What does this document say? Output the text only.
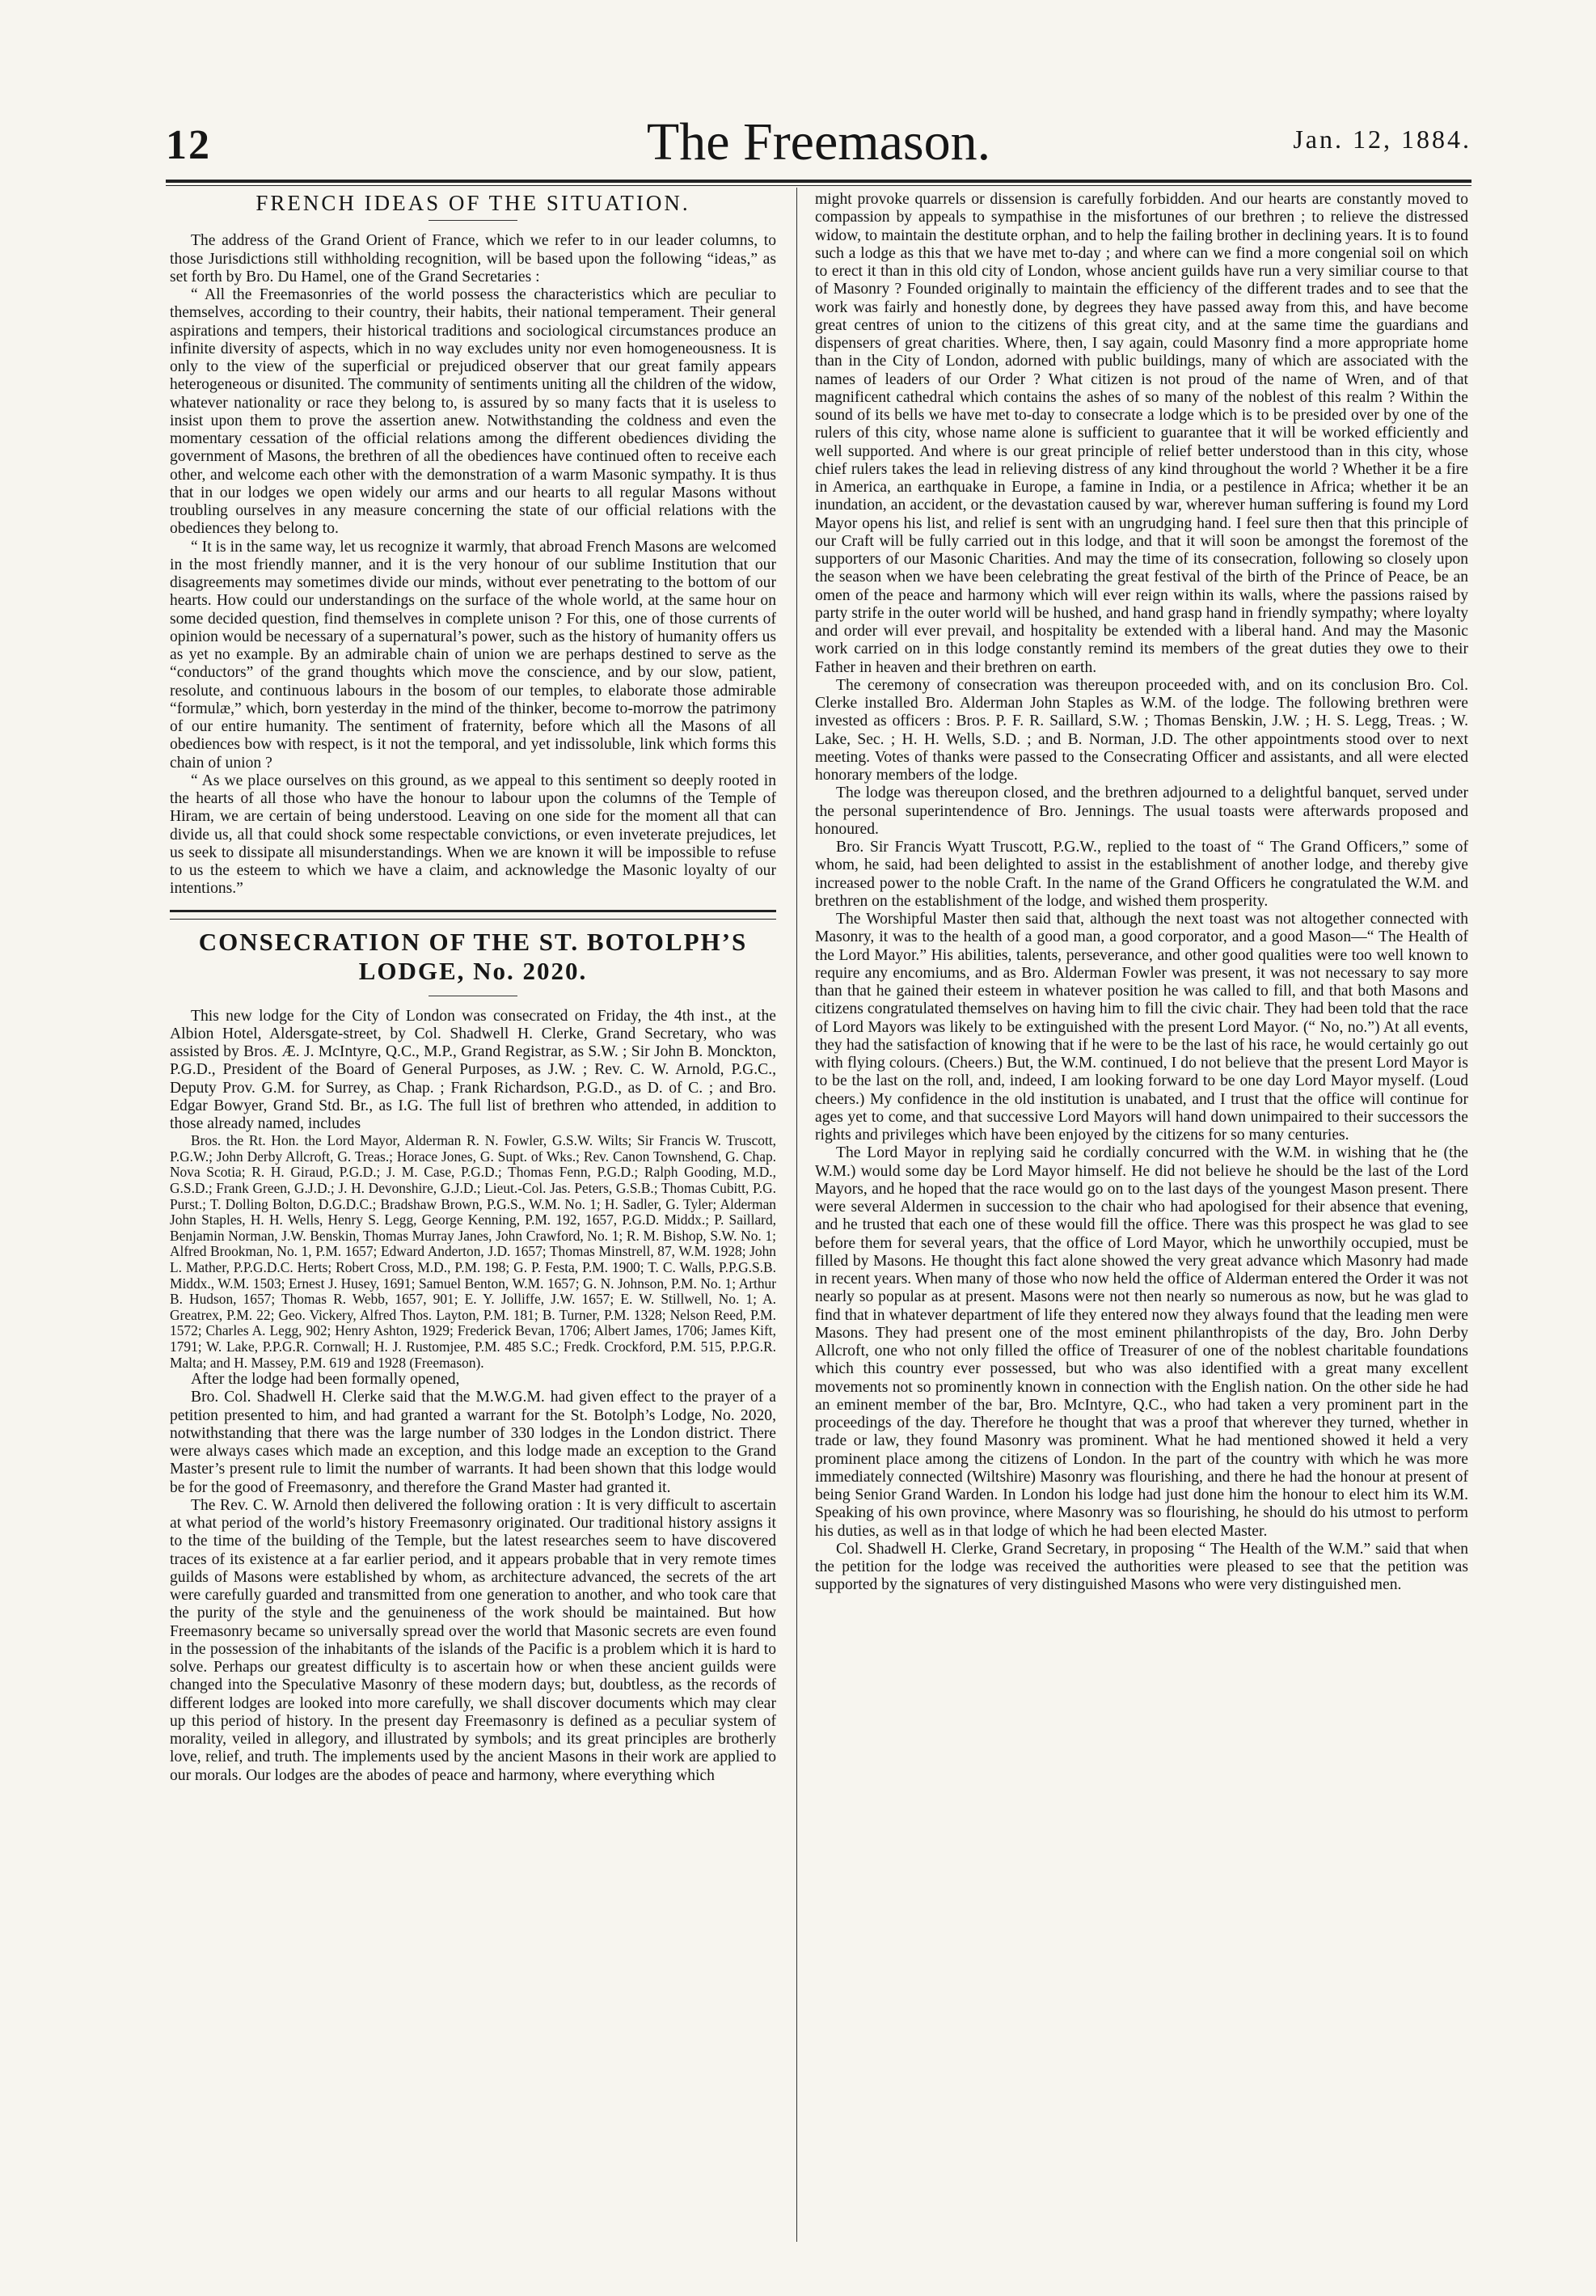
12	The Freemason.	Jan. 12, 1884.
FRENCH IDEAS OF THE SITUATION.

The address of the Grand Orient of France, which we refer to in our leader columns, to those Jurisdictions still withholding recognition, will be based upon the following “ideas,” as set forth by Bro. Du Hamel, one of the Grand Secretaries :

“ All the Freemasonries of the world possess the characteristics which are peculiar to themselves, according to their country, their habits, their national temperament. Their general aspirations and tempers, their historical traditions and sociological circumstances produce an infinite diversity of aspects, which in no way excludes unity nor even homogeneousness. It is only to the view of the superficial or prejudiced observer that our great family appears heterogeneous or disunited. The community of sentiments uniting all the children of the widow, whatever nationality or race they belong to, is assured by so many facts that it is useless to insist upon them to prove the assertion anew. Notwithstanding the coldness and even the momentary cessation of the official relations among the different obediences dividing the government of Masons, the brethren of all the obediences have continued often to receive each other, and welcome each other with the demonstration of a warm Masonic sympathy. It is thus that in our lodges we open widely our arms and our hearts to all regular Masons without troubling ourselves in any measure concerning the state of our official relations with the obediences they belong to.

“ It is in the same way, let us recognize it warmly, that abroad French Masons are welcomed in the most friendly manner, and it is the very honour of our sublime Institution that our disagreements may sometimes divide our minds, without ever penetrating to the bottom of our hearts. How could our understandings on the surface of the whole world, at the same hour on some decided question, find themselves in complete unison ? For this, one of those currents of opinion would be necessary of a supernatural’s power, such as the history of humanity offers us as yet no example. By an admirable chain of union we are perhaps destined to serve as the “conductors” of the grand thoughts which move the conscience, and by our slow, patient, resolute, and continuous labours in the bosom of our temples, to elaborate those admirable “formulæ,” which, born yesterday in the mind of the thinker, become to-morrow the patrimony of our entire humanity. The sentiment of fraternity, before which all the Masons of all obediences bow with respect, is it not the temporal, and yet indissoluble, link which forms this chain of union ?

“ As we place ourselves on this ground, as we appeal to this sentiment so deeply rooted in the hearts of all those who have the honour to labour upon the columns of the Temple of Hiram, we are certain of being understood. Leaving on one side for the moment all that can divide us, all that could shock some respectable convictions, or even inveterate prejudices, let us seek to dissipate all misunderstandings. When we are known it will be impossible to refuse to us the esteem to which we have a claim, and acknowledge the Masonic loyalty of our intentions.”

CONSECRATION OF THE ST. BOTOLPH’S LODGE, No. 2020.

This new lodge for the City of London was consecrated on Friday, the 4th inst., at the Albion Hotel, Aldersgate-street, by Col. Shadwell H. Clerke, Grand Secretary, who was assisted by Bros. Æ. J. McIntyre, Q.C., M.P., Grand Registrar, as S.W. ; Sir John B. Monckton, P.G.D., President of the Board of General Purposes, as J.W. ; Rev. C. W. Arnold, P.G.C., Deputy Prov. G.M. for Surrey, as Chap. ; Frank Richardson, P.G.D., as D. of C. ; and Bro. Edgar Bowyer, Grand Std. Br., as I.G. The full list of brethren who attended, in addition to those already named, includes

Bros. the Rt. Hon. the Lord Mayor, Alderman R. N. Fowler, G.S.W. Wilts; Sir Francis W. Truscott, P.G.W.; John Derby Allcroft, G. Treas.; Horace Jones, G. Supt. of Wks.; Rev. Canon Townshend, G. Chap. Nova Scotia; R. H. Giraud, P.G.D.; J. M. Case, P.G.D.; Thomas Fenn, P.G.D.; Ralph Gooding, M.D., G.S.D.; Frank Green, G.J.D.; J. H. Devonshire, G.J.D.; Lieut.-Col. Jas. Peters, G.S.B.; Thomas Cubitt, P.G. Purst.; T. Dolling Bolton, D.G.D.C.; Bradshaw Brown, P.G.S., W.M. No. 1; H. Sadler, G. Tyler; Alderman John Staples, H. H. Wells, Henry S. Legg, George Kenning, P.M. 192, 1657, P.G.D. Middx.; P. Saillard, Benjamin Norman, J.W. Benskin, Thomas Murray Janes, John Crawford, No. 1; R. M. Bishop, S.W. No. 1; Alfred Brookman, No. 1, P.M. 1657; Edward Anderton, J.D. 1657; Thomas Minstrell, 87, W.M. 1928; John L. Mather, P.P.G.D.C. Herts; Robert Cross, M.D., P.M. 198; G. P. Festa, P.M. 1900; T. C. Walls, P.P.G.S.B. Middx., W.M. 1503; Ernest J. Husey, 1691; Samuel Benton, W.M. 1657; G. N. Johnson, P.M. No. 1; Arthur B. Hudson, 1657; Thomas R. Webb, 1657, 901; E. Y. Jolliffe, J.W. 1657; E. W. Stillwell, No. 1; A. Greatrex, P.M. 22; Geo. Vickery, Alfred Thos. Layton, P.M. 181; B. Turner, P.M. 1328; Nelson Reed, P.M. 1572; Charles A. Legg, 902; Henry Ashton, 1929; Frederick Bevan, 1706; Albert James, 1706; James Kift, 1791; W. Lake, P.P.G.R. Cornwall; H. J. Rustomjee, P.M. 485 S.C.; Fredk. Crockford, P.M. 515, P.P.G.R. Malta; and H. Massey, P.M. 619 and 1928 (Freemason).

After the lodge had been formally opened,

Bro. Col. Shadwell H. Clerke said that the M.W.G.M. had given effect to the prayer of a petition presented to him, and had granted a warrant for the St. Botolph’s Lodge, No. 2020, notwithstanding that there was the large number of 330 lodges in the London district. There were always cases which made an exception, and this lodge made an exception to the Grand Master’s present rule to limit the number of warrants. It had been shown that this lodge would be for the good of Freemasonry, and therefore the Grand Master had granted it.

The Rev. C. W. Arnold then delivered the following oration : It is very difficult to ascertain at what period of the world’s history Freemasonry originated. Our traditional history assigns it to the time of the building of the Temple, but the latest researches seem to have discovered traces of its existence at a far earlier period, and it appears probable that in very remote times guilds of Masons were established by whom, as architecture advanced, the secrets of the art were carefully guarded and transmitted from one generation to another, and who took care that the purity of the style and the genuineness of the work should be maintained. But how Freemasonry became so universally spread over the world that Masonic secrets are even found in the possession of the inhabitants of the islands of the Pacific is a problem which it is hard to solve. Perhaps our greatest difficulty is to ascertain how or when these ancient guilds were changed into the Speculative Masonry of these modern days; but, doubtless, as the records of different lodges are looked into more carefully, we shall discover documents which may clear up this period of history. In the present day Freemasonry is defined as a peculiar system of morality, veiled in allegory, and illustrated by symbols; and its great principles are brotherly love, relief, and truth. The implements used by the ancient Masons in their work are applied to our morals. Our lodges are the abodes of peace and harmony, where everything which

might provoke quarrels or dissension is carefully forbidden. And our hearts are constantly moved to compassion by appeals to sympathise in the misfortunes of our brethren ; to relieve the distressed widow, to maintain the destitute orphan, and to help the failing brother in declining years. It is to found such a lodge as this that we have met to-day ; and where can we find a more congenial soil on which to erect it than in this old city of London, whose ancient guilds have run a very similiar course to that of Masonry ? Founded originally to maintain the efficiency of the different trades and to see that the work was fairly and honestly done, by degrees they have passed away from this, and have become great centres of union to the citizens of this great city, and at the same time the guardians and dispensers of great charities. Where, then, I say again, could Masonry find a more appropriate home than in the City of London, adorned with public buildings, many of which are associated with the names of leaders of our Order ? What citizen is not proud of the name of Wren, and of that magnificent cathedral which contains the ashes of so many of the noblest of this realm ? Within the sound of its bells we have met to-day to consecrate a lodge which is to be presided over by one of the rulers of this city, whose name alone is sufficient to guarantee that it will be worked efficiently and well supported. And where is our great principle of relief better understood than in this city, whose chief rulers takes the lead in relieving distress of any kind throughout the world ? Whether it be a fire in America, an earthquake in Europe, a famine in India, or a pestilence in Africa; whether it be an inundation, an accident, or the devastation caused by war, wherever human suffering is found my Lord Mayor opens his list, and relief is sent with an ungrudging hand. I feel sure then that this principle of our Craft will be fully carried out in this lodge, and that it will soon be amongst the foremost of the supporters of our Masonic Charities. And may the time of its consecration, following so closely upon the season when we have been celebrating the great festival of the birth of the Prince of Peace, be an omen of the peace and harmony which will ever reign within its walls, where the passions raised by party strife in the outer world will be hushed, and hand grasp hand in friendly sympathy; where loyalty and order will ever prevail, and hospitality be extended with a liberal hand. And may the Masonic work carried on in this lodge constantly remind its members of the great duties they owe to their Father in heaven and their brethren on earth.

The ceremony of consecration was thereupon proceeded with, and on its conclusion Bro. Col. Clerke installed Bro. Alderman John Staples as W.M. of the lodge. The following brethren were invested as officers : Bros. P. F. R. Saillard, S.W. ; Thomas Benskin, J.W. ; H. S. Legg, Treas. ; W. Lake, Sec. ; H. H. Wells, S.D. ; and B. Norman, J.D. The other appointments stood over to next meeting. Votes of thanks were passed to the Consecrating Officer and assistants, and all were elected honorary members of the lodge.

The lodge was thereupon closed, and the brethren adjourned to a delightful banquet, served under the personal superintendence of Bro. Jennings. The usual toasts were afterwards proposed and honoured.

Bro. Sir Francis Wyatt Truscott, P.G.W., replied to the toast of “ The Grand Officers,” some of whom, he said, had been delighted to assist in the establishment of another lodge, and thereby give increased power to the noble Craft. In the name of the Grand Officers he congratulated the W.M. and brethren on the establishment of the lodge, and wished them prosperity.

The Worshipful Master then said that, although the next toast was not altogether connected with Masonry, it was to the health of a good man, a good corporator, and a good Mason—“ The Health of the Lord Mayor.” His abilities, talents, perseverance, and other good qualities were too well known to require any encomiums, and as Bro. Alderman Fowler was present, it was not necessary to say more than that he gained their esteem in whatever position he was called to fill, and that both Masons and citizens congratulated themselves on having him to fill the civic chair. They had been told that the race of Lord Mayors was likely to be extinguished with the present Lord Mayor. (“ No, no.”) At all events, they had the satisfaction of knowing that if he were to be the last of his race, he would certainly go out with flying colours. (Cheers.) But, the W.M. continued, I do not believe that the present Lord Mayor is to be the last on the roll, and, indeed, I am looking forward to be one day Lord Mayor myself. (Loud cheers.) My confidence in the old institution is unabated, and I trust that the office will continue for ages yet to come, and that successive Lord Mayors will hand down unimpaired to their successors the rights and privileges which have been enjoyed by the citizens for so many centuries.

The Lord Mayor in replying said he cordially concurred with the W.M. in wishing that he (the W.M.) would some day be Lord Mayor himself. He did not believe he should be the last of the Lord Mayors, and he hoped that the race would go on to the last days of the youngest Mason present. There were several Aldermen in succession to the chair who had apologised for their absence that evening, and he trusted that each one of these would fill the office. There was this prospect he was glad to see before them for several years, that the office of Lord Mayor, which he unworthily occupied, must be filled by Masons. He thought this fact alone showed the very great advance which Masonry had made in recent years. When many of those who now held the office of Alderman entered the Order it was not nearly so popular as at present. Masons were not then nearly so numerous as now, but he was glad to find that in whatever department of life they entered now they always found that the leading men were Masons. They had present one of the most eminent philanthropists of the day, Bro. John Derby Allcroft, one who not only filled the office of Treasurer of one of the noblest charitable foundations which this country ever possessed, but who was also identified with a great many excellent movements not so prominently known in connection with the English nation. On the other side he had an eminent member of the bar, Bro. McIntyre, Q.C., who had taken a very prominent part in the proceedings of the day. Therefore he thought that was a proof that wherever they turned, whether in trade or law, they found Masonry was prominent. What he had mentioned showed it held a very prominent place among the citizens of London. In the part of the country with which he was more immediately connected (Wiltshire) Masonry was flourishing, and there he had the honour at present of being Senior Grand Warden. In London his lodge had just done him the honour to elect him its W.M. Speaking of his own province, where Masonry was so flourishing, he should do his utmost to perform his duties, as well as in that lodge of which he had been elected Master.

Col. Shadwell H. Clerke, Grand Secretary, in proposing “ The Health of the W.M.” said that when the petition for the lodge was received the authorities were pleased to see that the petition was supported by the signatures of very distinguished Masons who were very distinguished men.
